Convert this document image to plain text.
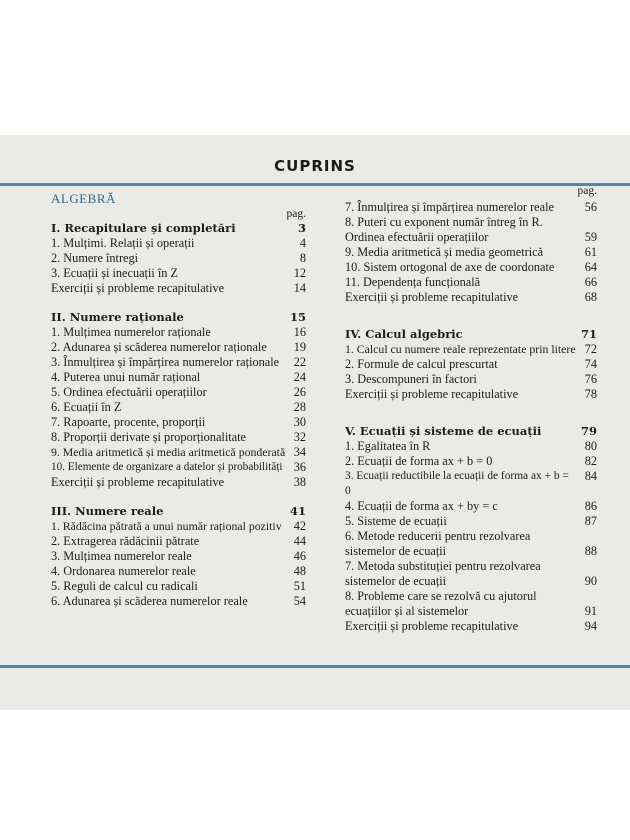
CUPRINS
ALGEBRĂ
pag.
I. Recapitulare și completări	3
1. Mulțimi. Relații și operații	4
2. Numere întregi	8
3. Ecuații și inecuații în Z	12
Exerciții și probleme recapitulative	14
II. Numere raționale	15
1. Mulțimea numerelor raționale	16
2. Adunarea și scăderea numerelor raționale	19
3. Înmulțirea și împărțirea numerelor raționale	22
4. Puterea unui număr rațional	24
5. Ordinea efectuării operațiilor	26
6. Ecuații în Z	28
7. Rapoarte, procente, proporții	30
8. Proporții derivate și proporționalitate	32
9. Media aritmetică și media aritmetică ponderată 34
10. Elemente de organizare a datelor și probabilități 36
Exerciții și probleme recapitulative	38
III. Numere reale	41
1. Rădăcina pătrată a unui număr rațional pozitiv 42
2. Extragerea rădăcinii pătrate	44
3. Mulțimea numerelor reale	46
4. Ordonarea numerelor reale	48
5. Reguli de calcul cu radicali	51
6. Adunarea și scăderea numerelor reale	54
pag.
7. Înmulțirea și împărțirea numerelor reale	56
8. Puteri cu exponent număr întreg în R. Ordinea efectuării operațiilor	59
9. Media aritmetică și media geometrică	61
10. Sistem ortogonal de axe de coordonate	64
11. Dependența funcțională	66
Exerciții și probleme recapitulative	68
IV. Calcul algebric	71
1. Calcul cu numere reale reprezentate prin litere 72
2. Formule de calcul prescurtat	74
3. Descompuneri în factori	76
Exerciții și probleme recapitulative	78
V. Ecuații și sisteme de ecuații	79
1. Egalitatea în R	80
2. Ecuații de forma ax + b = 0	82
3. Ecuații reductibile la ecuații de forma ax + b = 0
84
4. Ecuații de forma ax + by = c	86
5. Sisteme de ecuații	87
6. Metode reducerii pentru rezolvarea sistemelor de ecuații	88
7. Metoda substituției pentru rezolvarea sistemelor de ecuații	90
8. Probleme care se rezolvă cu ajutorul ecuațiilor și al sistemelor	91
Exerciții și probleme recapitulative	94
